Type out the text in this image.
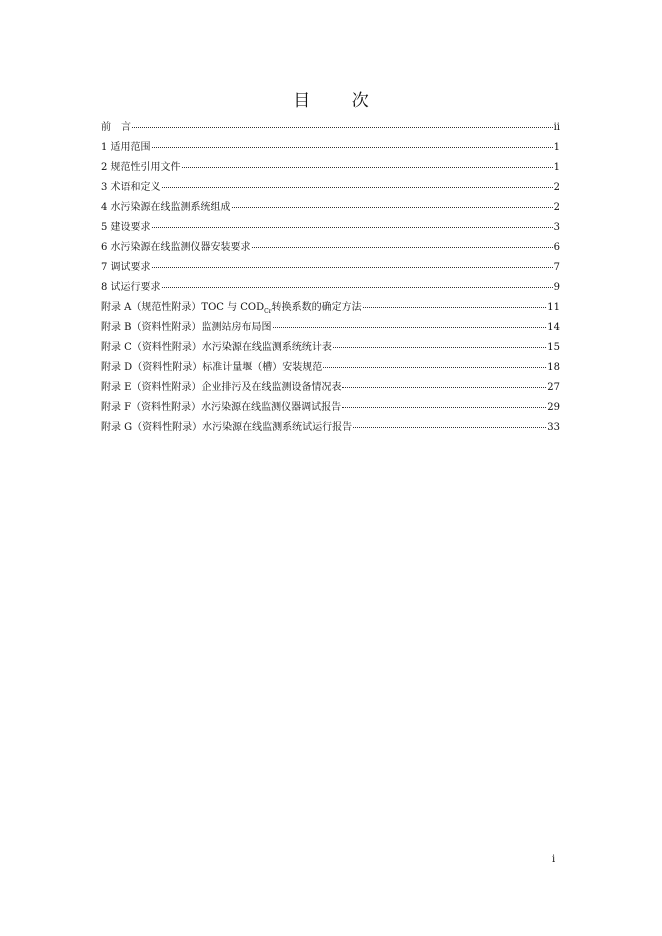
目 次
前　言	ii
1 适用范围	1
2 规范性引用文件	1
3 术语和定义	2
4 水污染源在线监测系统组成	2
5 建设要求	3
6 水污染源在线监测仪器安装要求	6
7 调试要求	7
8 试运行要求	9
附录 A（规范性附录）TOC 与 $COD_{Cr}$转换系数的确定方法	11
附录 B（资料性附录）监测站房布局图	14
附录 C（资料性附录）水污染源在线监测系统统计表	15
附录 D（资料性附录）标准计量堰（槽）安装规范	18
附录 E（资料性附录）企业排污及在线监测设备情况表	27
附录 F（资料性附录）水污染源在线监测仪器调试报告	29
附录 G（资料性附录）水污染源在线监测系统试运行报告	33
i
